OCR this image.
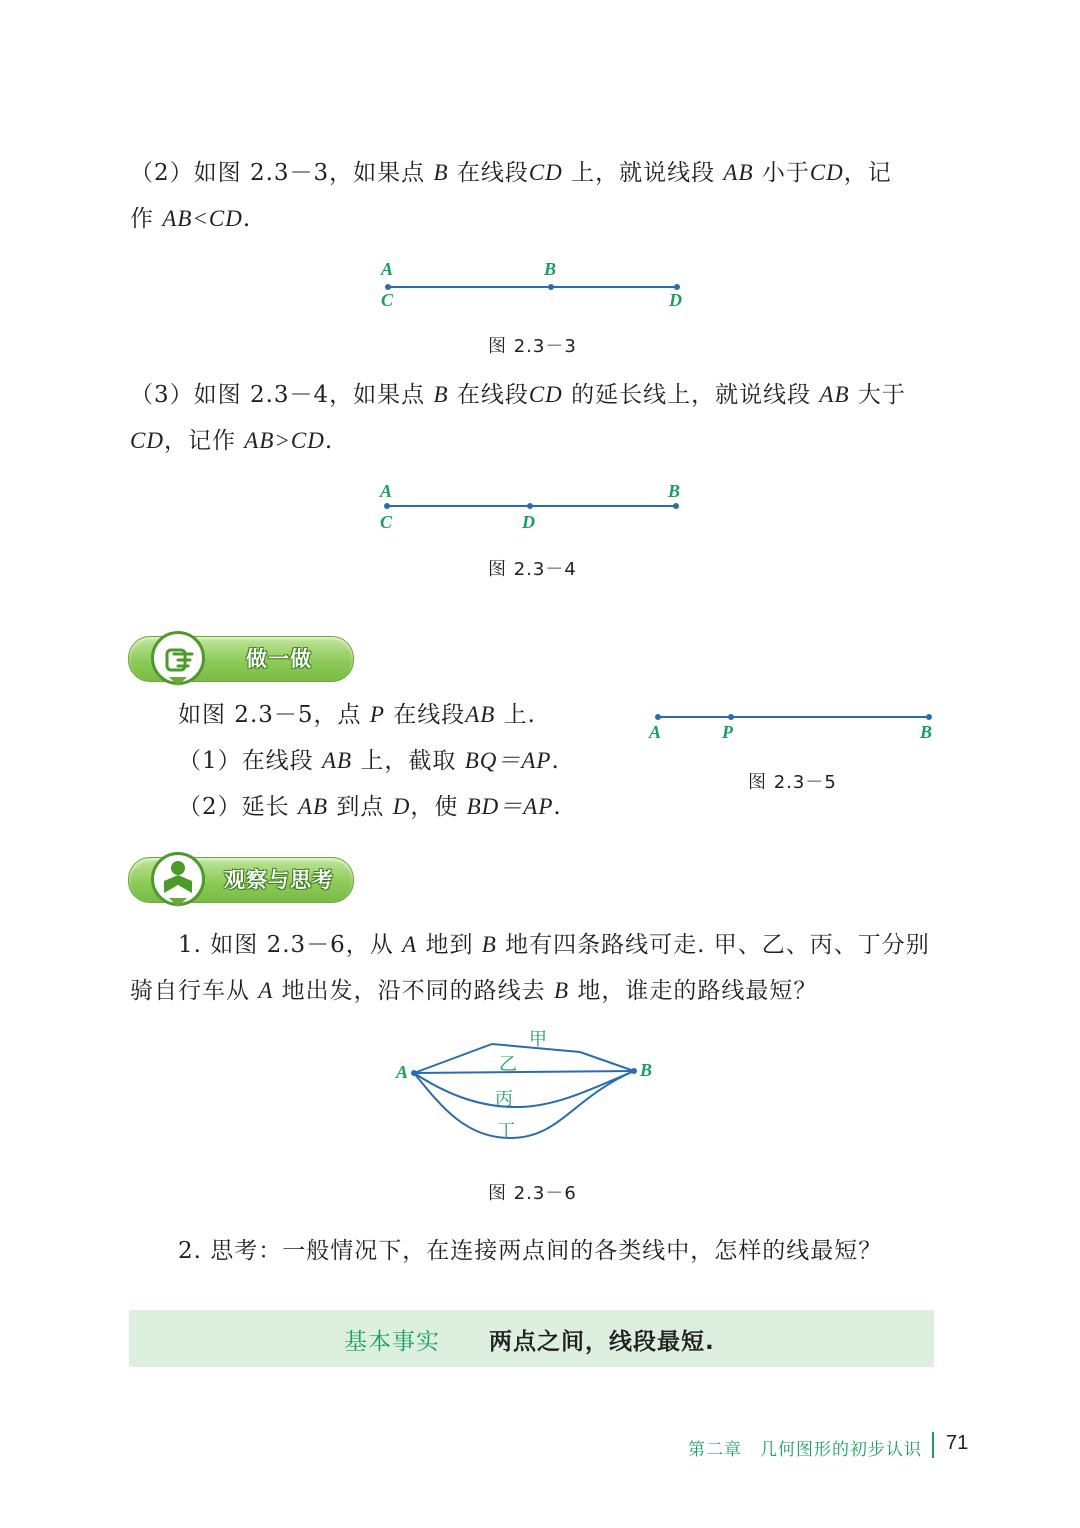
（2）如图 2.3－3，如果点 B 在线段CD 上，就说线段 AB 小于CD，记
作 AB<CD.
A	B
C	D
图 2.3－3
（3）如图 2.3－4，如果点 B 在线段CD 的延长线上，就说线段 AB 大于
CD，记作 AB>CD.
A	B
C	D
图 2.3－4
做一做
如图 2.3－5，点 P 在线段AB 上.
（1）在线段 AB 上，截取 BQ＝AP.
（2）延长 AB 到点 D，使 BD＝AP.
A	P	B
图 2.3－5
观察与思考
1. 如图 2.3－6，从 A 地到 B 地有四条路线可走. 甲、乙、丙、丁分别
骑自行车从 A 地出发，沿不同的路线去 B 地，谁走的路线最短？
A	B
甲
乙
丙
丁
图 2.3－6
2. 思考：一般情况下，在连接两点间的各类线中，怎样的线最短？
基本事实 两点之间，线段最短.
第二章　几何图形的初步认识 71
